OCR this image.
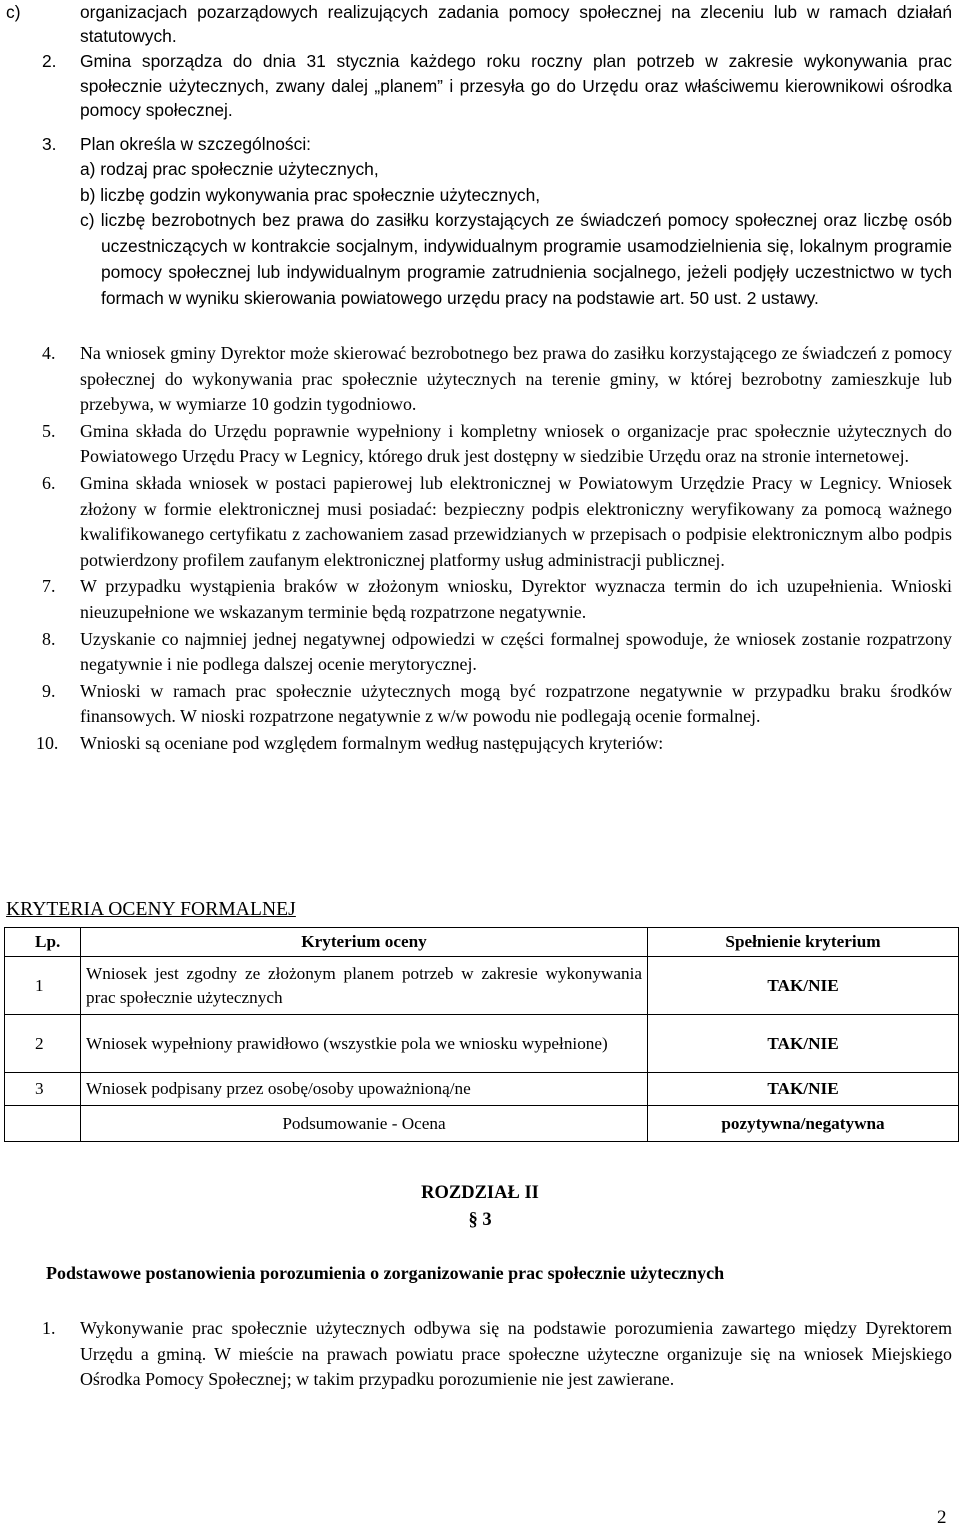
c)	organizacjach pozarządowych realizujących zadania pomocy społecznej na zleceniu lub w ramach działań statutowych.
2. Gmina sporządza do dnia 31 stycznia każdego roku roczny plan potrzeb w zakresie wykonywania prac społecznie użytecznych, zwany dalej „planem” i przesyła go do Urzędu oraz właściwemu kierownikowi ośrodka pomocy społecznej.
3. Plan określa w szczególności:
a) rodzaj prac społecznie użytecznych,
b) liczbę godzin wykonywania prac społecznie użytecznych,
c) liczbę bezrobotnych bez prawa do zasiłku korzystających ze świadczeń pomocy społecznej oraz liczbę osób uczestniczących w kontrakcie socjalnym, indywidualnym programie usamodzielnienia się, lokalnym programie pomocy społecznej lub indywidualnym programie zatrudnienia socjalnego, jeżeli podjęły uczestnictwo w tych formach w wyniku skierowania powiatowego urzędu pracy na podstawie art. 50 ust. 2 ustawy.
4. Na wniosek gminy Dyrektor może skierować bezrobotnego bez prawa do zasiłku korzystającego ze świadczeń z pomocy społecznej do wykonywania prac społecznie użytecznych na terenie gminy, w której bezrobotny zamieszkuje lub przebywa, w wymiarze 10 godzin tygodniowo.
5. Gmina składa do Urzędu poprawnie wypełniony i kompletny wniosek o organizacje prac społecznie użytecznych do Powiatowego Urzędu Pracy w Legnicy, którego druk jest dostępny w siedzibie Urzędu oraz na stronie internetowej.
6. Gmina składa wniosek w postaci papierowej lub elektronicznej w Powiatowym Urzędzie Pracy w Legnicy. Wniosek złożony w formie elektronicznej musi posiadać: bezpieczny podpis elektroniczny weryfikowany za pomocą ważnego kwalifikowanego certyfikatu z zachowaniem zasad przewidzianych w przepisach o podpisie elektronicznym albo podpis potwierdzony profilem zaufanym elektronicznej platformy usług administracji publicznej.
7. W przypadku wystąpienia braków w złożonym wniosku, Dyrektor wyznacza termin do ich uzupełnienia. Wnioski nieuzupełnione we wskazanym terminie będą rozpatrzone negatywnie.
8. Uzyskanie co najmniej jednej negatywnej odpowiedzi w części formalnej spowoduje, że wniosek zostanie rozpatrzony negatywnie i nie podlega dalszej ocenie merytorycznej.
9. Wnioski w ramach prac społecznie użytecznych mogą być rozpatrzone negatywnie w przypadku braku środków finansowych. W nioski rozpatrzone negatywnie z w/w powodu nie podlegają ocenie formalnej.
10. Wnioski są oceniane pod względem formalnym według następujących kryteriów:
KRYTERIA OCENY FORMALNEJ
Lp.	Kryterium oceny	Spełnienie kryterium
1	Wniosek jest zgodny ze złożonym planem potrzeb w zakresie wykonywania prac społecznie użytecznych	TAK/NIE
2	Wniosek wypełniony prawidłowo (wszystkie pola we wniosku wypełnione)	TAK/NIE
3	Wniosek podpisany przez osobę/osoby upoważnioną/ne	TAK/NIE
	Podsumowanie - Ocena	pozytywna/negatywna
ROZDZIAŁ II
§ 3
Podstawowe postanowienia porozumienia o zorganizowanie prac społecznie użytecznych
1. Wykonywanie prac społecznie użytecznych odbywa się na podstawie porozumienia zawartego między Dyrektorem Urzędu a gminą. W mieście na prawach powiatu prace społeczne użyteczne organizuje się na wniosek Miejskiego Ośrodka Pomocy Społecznej; w takim przypadku porozumienie nie jest zawierane.
2
